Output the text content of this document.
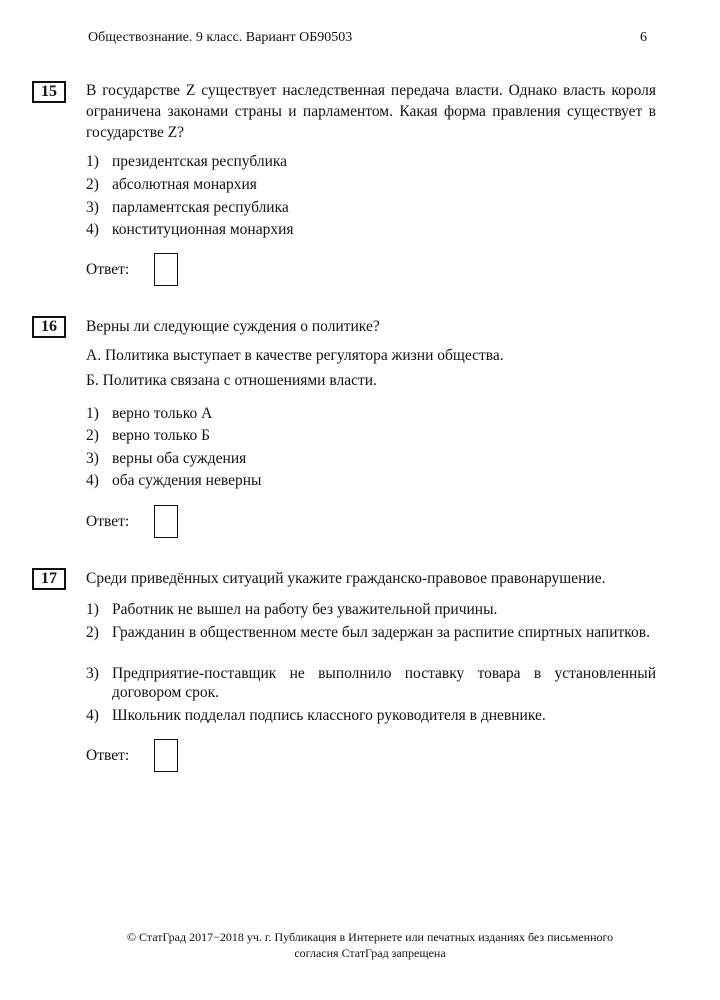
Обществознание. 9 класс. Вариант ОБ90503	6
15	В государстве Z существует наследственная передача власти. Однако власть короля ограничена законами страны и парламентом. Какая форма правления существует в государстве Z?
1) президентская республика
2) абсолютная монархия
3) парламентская республика
4) конституционная монархия
Ответ:
16	Верны ли следующие суждения о политике?
А. Политика выступает в качестве регулятора жизни общества.
Б. Политика связана с отношениями власти.
1) верно только А
2) верно только Б
3) верны оба суждения
4) оба суждения неверны
Ответ:
17	Среди приведённых ситуаций укажите гражданско-правовое правонарушение.
1) Работник не вышел на работу без уважительной причины.
2) Гражданин в общественном месте был задержан за распитие спиртных напитков.
3) Предприятие-поставщик не выполнило поставку товара в установленный договором срок.
4) Школьник подделал подпись классного руководителя в дневнике.
Ответ:
© СтатГрад 2017−2018 уч. г. Публикация в Интернете или печатных изданиях без письменного
согласия СтатГрад запрещена
